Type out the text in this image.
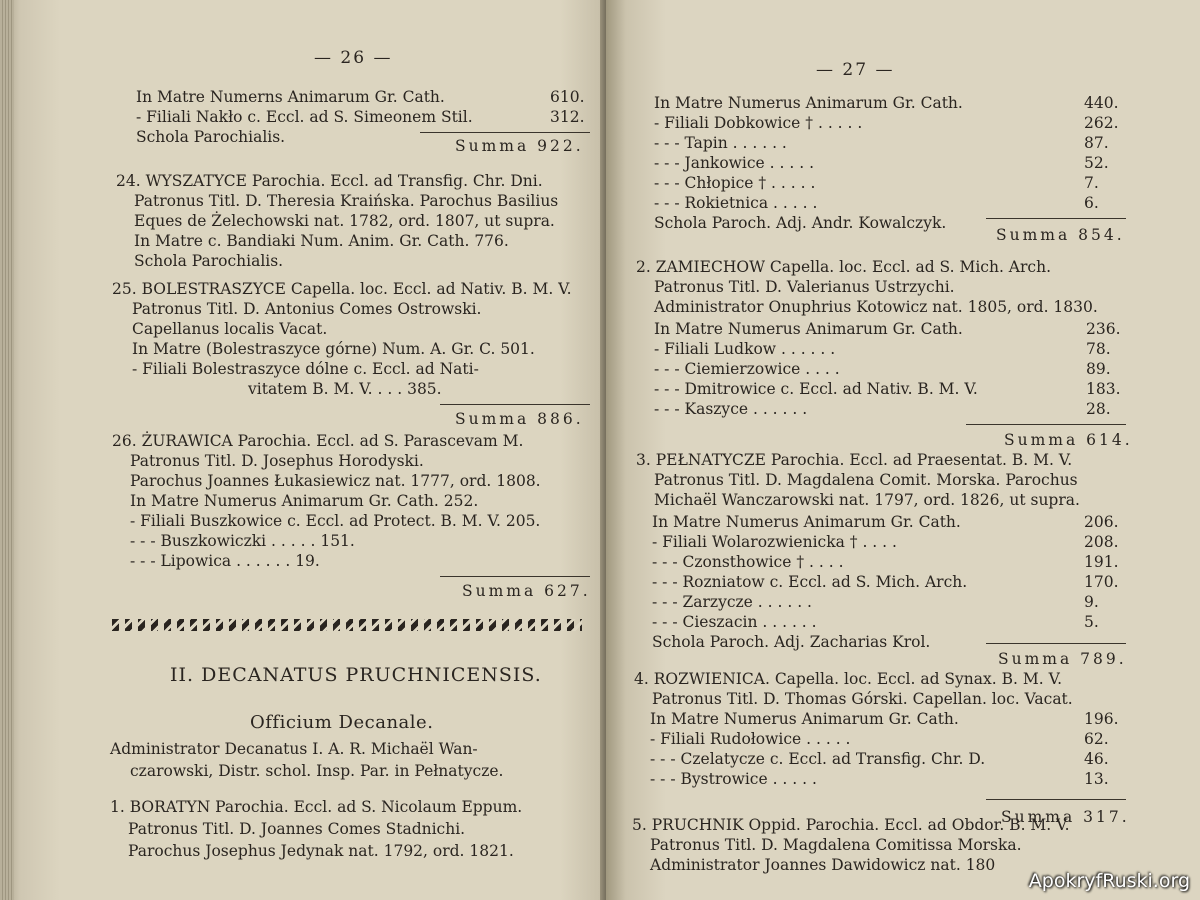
— 26 —
In Matre Numerns Animarum Gr. Cath.	610.
- Filiali Nakło c. Eccl. ad S. Simeonem Stil.	312.
Schola Parochialis.	Summa 922.
24. WYSZATYCE Parochia. Eccl. ad Transfig. Chr. Dni.
Patronus Titl. D. Theresia Kraińska. Parochus Basilius
Eques de Żelechowski nat. 1782, ord. 1807, ut supra.
In Matre c. Bandiaki Num. Anim. Gr. Cath. 776.
Schola Parochialis.
25. BOLESTRASZYCE Capella. loc. Eccl. ad Nativ. B. M. V.
Patronus Titl. D. Antonius Comes Ostrowski.
Capellanus localis Vacat.
In Matre (Bolestraszyce górne) Num. A. Gr. C. 501.
- Filiali Bolestraszyce dólne c. Eccl. ad Nati-
vitatem B. M. V. . . . 385.
Summa 886.
26. ŻURAWICA Parochia. Eccl. ad S. Parascevam M.
Patronus Titl. D. Josephus Horodyski.
Parochus Joannes Łukasiewicz nat. 1777, ord. 1808.
In Matre Numerus Animarum Gr. Cath. 252.
- Filiali Buszkowice c. Eccl. ad Protect. B. M. V. 205.
- - - Buszkowiczki . . . . . 151.
- - - Lipowica . . . . . . 19.
Summa 627.
Administrator Decanatus I. A. R. Michaël Wan-
czarowski, Distr. schol. Insp. Par. in Pełnatycze.
1. BORATYN Parochia. Eccl. ad S. Nicolaum Eppum.
Patronus Titl. D. Joannes Comes Stadnichi.
Parochus Josephus Jedynak nat. 1792, ord. 1821.
II. DECANATUS PRUCHNICENSIS.
Officium Decanale.
— 27 —
In Matre Numerus Animarum Gr. Cath.	440.
- Filiali Dobkowice † . . . . .	262.
- - - Tapin . . . . . .	87.
- - - Jankowice . . . . .	52.
- - - Chłopice † . . . . .	7.
- - - Rokietnica . . . . .	6.
Schola Paroch. Adj. Andr. Kowalczyk.
Summa 854.
2. ZAMIECHOW Capella. loc. Eccl. ad S. Mich. Arch.
Patronus Titl. D. Valerianus Ustrzychi.
Administrator Onuphrius Kotowicz nat. 1805, ord. 1830.
In Matre Numerus Animarum Gr. Cath.	236.
- Filiali Ludkow . . . . . .	78.
- - - Ciemierzowice . . . .	89.
- - - Dmitrowice c. Eccl. ad Nativ. B. M. V.	183.
- - - Kaszyce . . . . . .	28.
Summa 614.
3. PEŁNATYCZE Parochia. Eccl. ad Praesentat. B. M. V.
Patronus Titl. D. Magdalena Comit. Morska. Parochus
Michaël Wanczarowski nat. 1797, ord. 1826, ut supra.
In Matre Numerus Animarum Gr. Cath.	206.
- Filiali Wolarozwienicka † . . . .	208.
- - - Czonsthowice † . . . .	191.
- - - Rozniatow c. Eccl. ad S. Mich. Arch.	170.
- - - Zarzycze . . . . . .	9.
- - - Cieszacin . . . . . .	5.
Schola Paroch. Adj. Zacharias Krol.
Summa 789.
4. ROZWIENICA. Capella. loc. Eccl. ad Synax. B. M. V.
Patronus Titl. D. Thomas Górski. Capellan. loc. Vacat.
In Matre Numerus Animarum Gr. Cath.	196.
- Filiali Rudołowice . . . . .	62.
- - - Czelatycze c. Eccl. ad Transfig. Chr. D.	46.
- - - Bystrowice . . . . .	13.
Summa 317.
5. PRUCHNIK Oppid. Parochia. Eccl. ad Obdor. B. M. V.
Patronus Titl. D. Magdalena Comitissa Morska.
Administrator Joannes Dawidowicz nat. 180
ApokryfRuski.org
